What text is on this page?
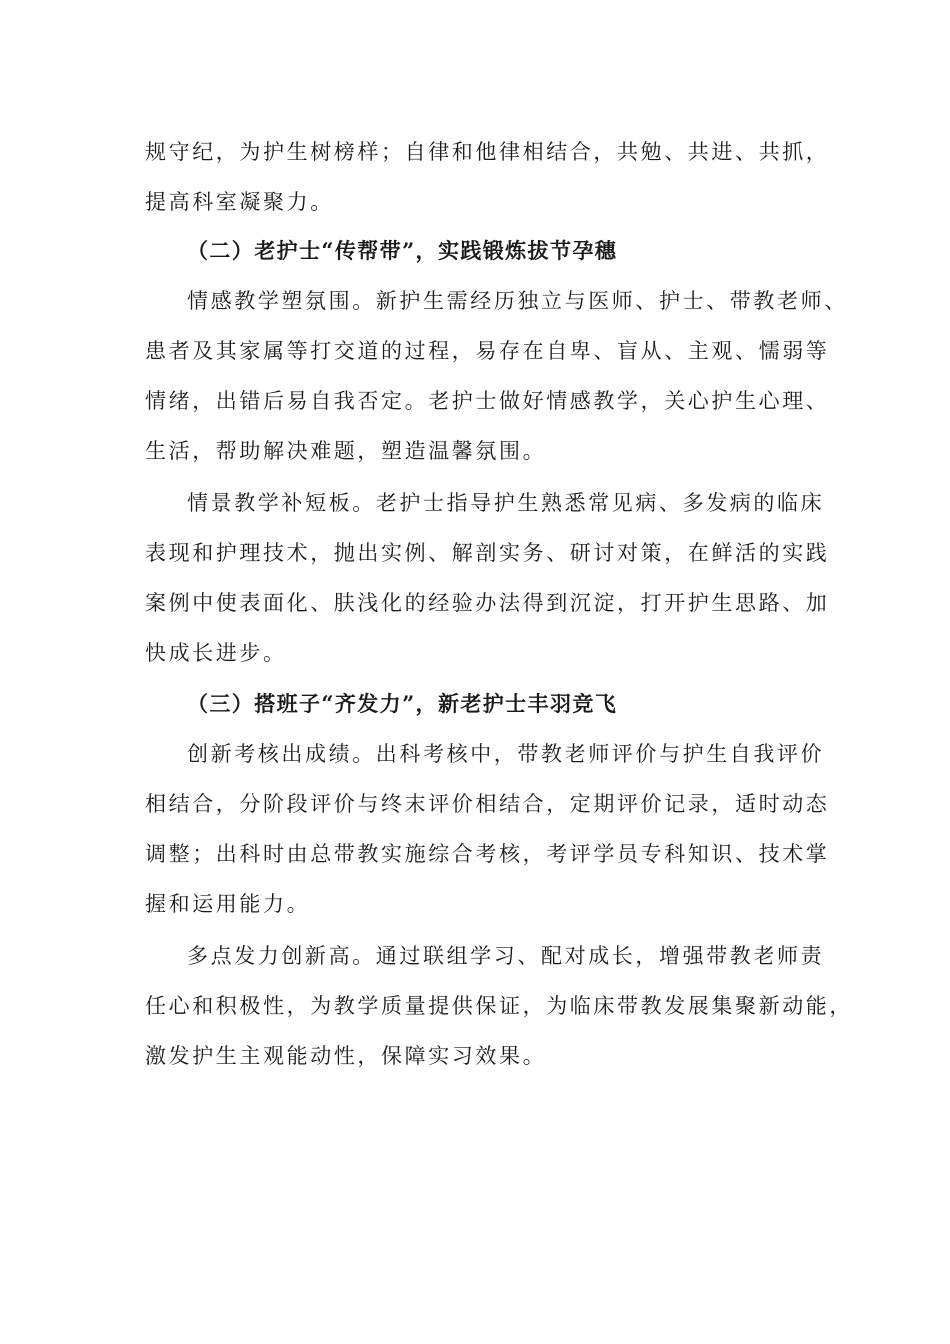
规守纪，为护生树榜样；自律和他律相结合，共勉、共进、共抓，
提高科室凝聚力。
（二）老护士“传帮带”，实践锻炼拔节孕穗
情感教学塑氛围。新护生需经历独立与医师、护士、带教老师、
患者及其家属等打交道的过程，易存在自卑、盲从、主观、懦弱等
情绪，出错后易自我否定。老护士做好情感教学，关心护生心理、
生活，帮助解决难题，塑造温馨氛围。
情景教学补短板。老护士指导护生熟悉常见病、多发病的临床
表现和护理技术，抛出实例、解剖实务、研讨对策，在鲜活的实践
案例中使表面化、肤浅化的经验办法得到沉淀，打开护生思路、加
快成长进步。
（三）搭班子“齐发力”，新老护士丰羽竞飞
创新考核出成绩。出科考核中，带教老师评价与护生自我评价
相结合，分阶段评价与终末评价相结合，定期评价记录，适时动态
调整；出科时由总带教实施综合考核，考评学员专科知识、技术掌
握和运用能力。
多点发力创新高。通过联组学习、配对成长，增强带教老师责
任心和积极性，为教学质量提供保证，为临床带教发展集聚新动能，
激发护生主观能动性，保障实习效果。
